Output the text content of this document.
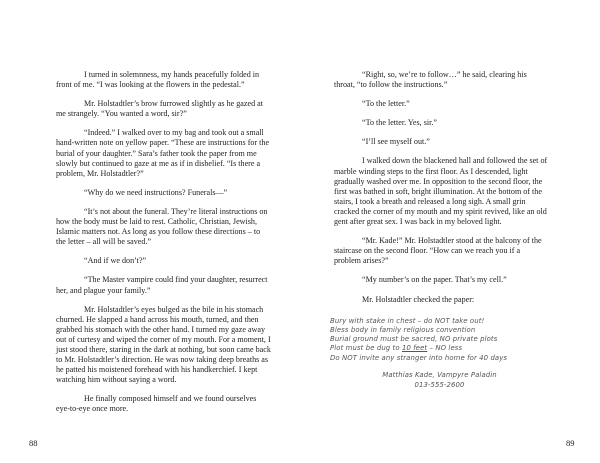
I turned in solemnness, my hands peacefully folded in front of me. “I was looking at the flowers in the pedestal.”

Mr. Holstadtler’s brow furrowed slightly as he gazed at me strangely. “You wanted a word, sir?”

“Indeed.” I walked over to my bag and took out a small hand-written note on yellow paper. “These are instructions for the burial of your daughter.” Sara’s father took the paper from me slowly but continued to gaze at me as if in disbelief. “Is there a problem, Mr. Holstadtler?”

“Why do we need instructions? Funerals—”

“It’s not about the funeral. They’re literal instructions on how the body must be laid to rest. Catholic, Christian, Jewish, Islamic matters not. As long as you follow these directions – to the letter – all will be saved.”

“And if we don’t?”

“The Master vampire could find your daughter, resurrect her, and plague your family.”

Mr. Holstadtler’s eyes bulged as the bile in his stomach churned. He slapped a hand across his mouth, turned, and then grabbed his stomach with the other hand. I turned my gaze away out of curtesy and wiped the corner of my mouth. For a moment, I just stood there, staring in the dark at nothing, but soon came back to Mr. Holstadtler’s direction. He was now taking deep breaths as he patted his moistened forehead with his handkerchief. I kept watching him without saying a word.

He finally composed himself and we found ourselves eye-to-eye once more.

88

“Right, so, we’re to follow…” he said, clearing his throat, “to follow the instructions.”

“To the letter.”

“To the letter. Yes, sir.”

“I’ll see myself out.”

I walked down the blackened hall and followed the set of marble winding steps to the first floor. As I descended, light gradually washed over me. In opposition to the second floor, the first was bathed in soft, bright illumination. At the bottom of the stairs, I took a breath and released a long sigh. A small grin cracked the corner of my mouth and my spirit revived, like an old gent after great sex. I was back in my beloved light.

“Mr. Kade!” Mr. Holstadtler stood at the balcony of the staircase on the second floor. “How can we reach you if a problem arises?”

“My number’s on the paper. That’s my cell.”

Mr. Holstadtler checked the paper:

Bury with stake in chest – do NOT take out!
Bless body in family religious convention
Burial ground must be sacred, NO private plots
Plot must be dug to 10 feet – NO less
Do NOT invite any stranger into home for 40 days
Matthias Kade, Vampyre Paladin
013-555-2600
89
